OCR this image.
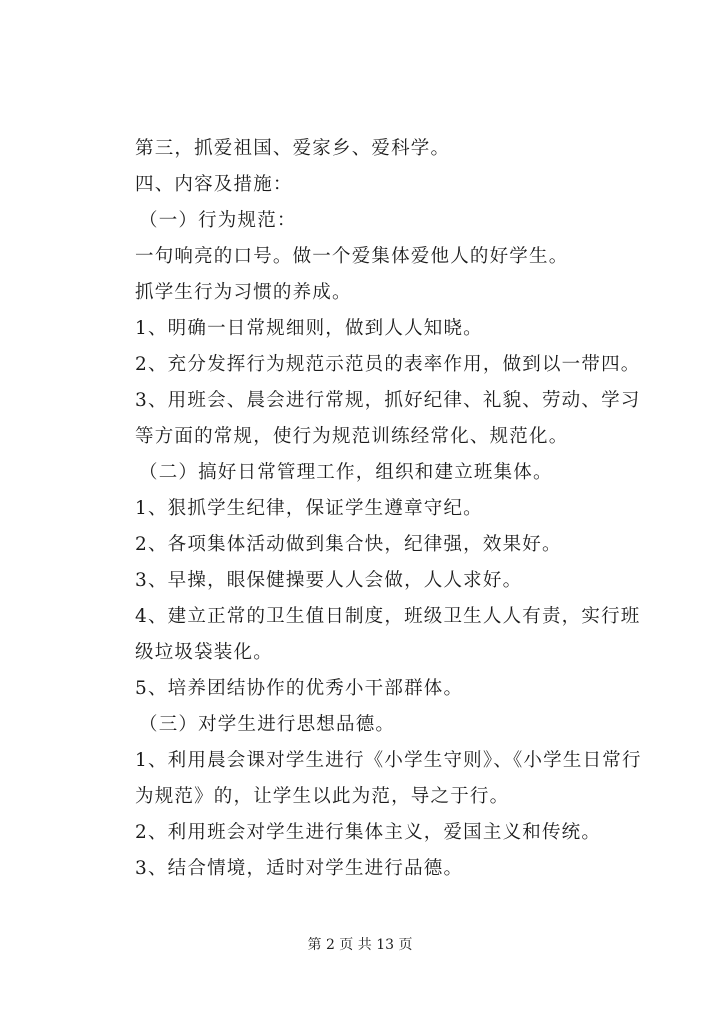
第三，抓爱祖国、爱家乡、爱科学。
四、内容及措施：
（一）行为规范：
一句响亮的口号。做一个爱集体爱他人的好学生。
抓学生行为习惯的养成。
1、明确一日常规细则，做到人人知晓。
2、充分发挥行为规范示范员的表率作用，做到以一带四。
3、用班会、晨会进行常规，抓好纪律、礼貌、劳动、学习
等方面的常规，使行为规范训练经常化、规范化。
（二）搞好日常管理工作，组织和建立班集体。
1、狠抓学生纪律，保证学生遵章守纪。
2、各项集体活动做到集合快，纪律强，效果好。
3、早操，眼保健操要人人会做，人人求好。
4、建立正常的卫生值日制度，班级卫生人人有责，实行班
级垃圾袋装化。
5、培养团结协作的优秀小干部群体。
（三）对学生进行思想品德。
1、利用晨会课对学生进行《小学生守则》、《小学生日常行
为规范》的，让学生以此为范，导之于行。
2、利用班会对学生进行集体主义，爱国主义和传统。
3、结合情境，适时对学生进行品德。
第 2 页 共 13 页
